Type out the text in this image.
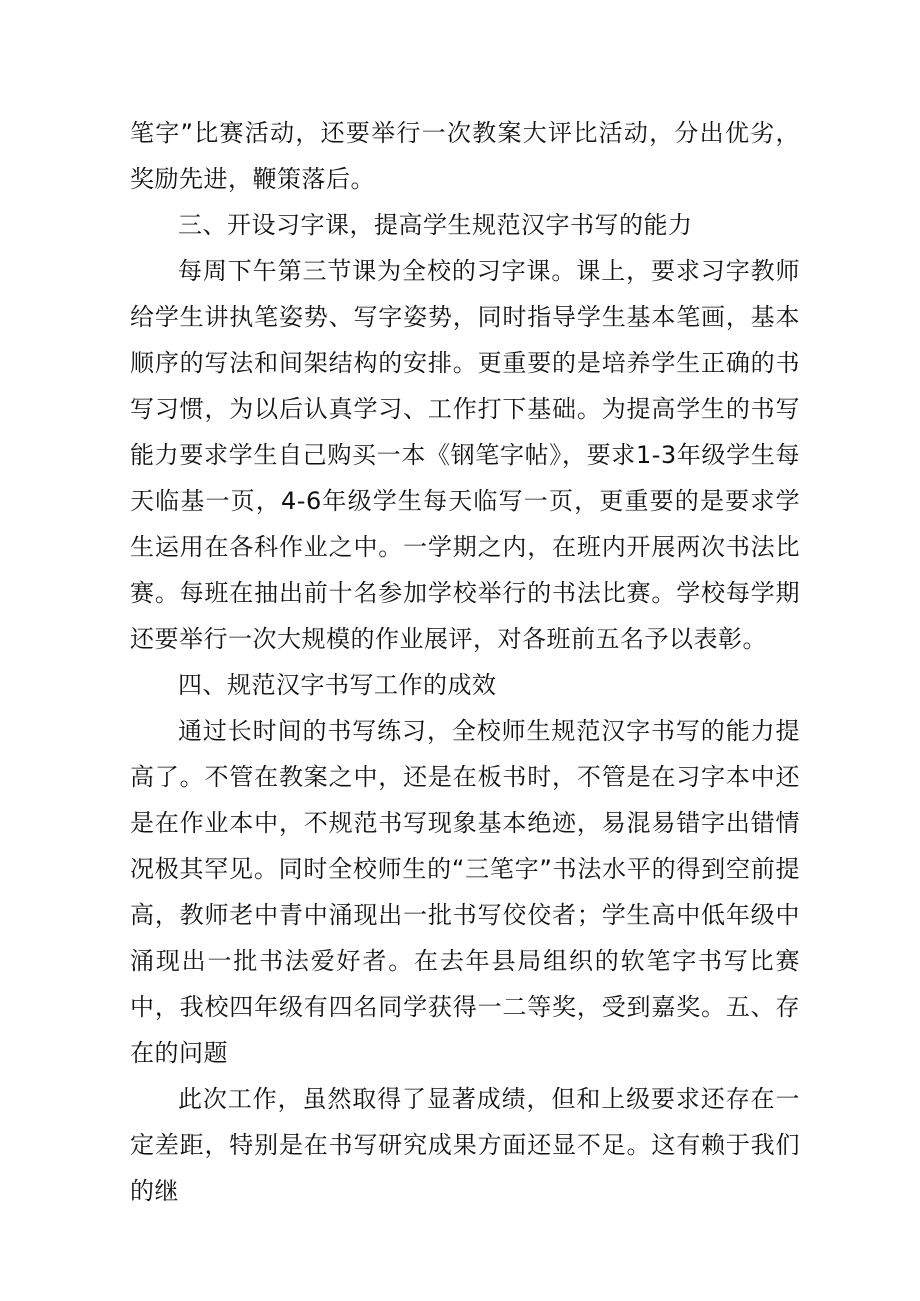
笔字”比赛活动，还要举行一次教案大评比活动，分出优劣，奖励先进，鞭策落后。

三、开设习字课，提高学生规范汉字书写的能力

每周下午第三节课为全校的习字课。课上，要求习字教师给学生讲执笔姿势、写字姿势，同时指导学生基本笔画，基本顺序的写法和间架结构的安排。更重要的是培养学生正确的书写习惯，为以后认真学习、工作打下基础。为提高学生的书写能力要求学生自己购买一本《钢笔字帖》，要求1-3年级学生每天临基一页，4-6年级学生每天临写一页，更重要的是要求学生运用在各科作业之中。一学期之内，在班内开展两次书法比赛。每班在抽出前十名参加学校举行的书法比赛。学校每学期还要举行一次大规模的作业展评，对各班前五名予以表彰。

四、规范汉字书写工作的成效

通过长时间的书写练习，全校师生规范汉字书写的能力提高了。不管在教案之中，还是在板书时，不管是在习字本中还是在作业本中，不规范书写现象基本绝迹，易混易错字出错情况极其罕见。同时全校师生的“三笔字”书法水平的得到空前提高，教师老中青中涌现出一批书写佼佼者；学生高中低年级中涌现出一批书法爱好者。在去年县局组织的软笔字书写比赛中，我校四年级有四名同学获得一二等奖，受到嘉奖。五、存在的问题

此次工作，虽然取得了显著成绩，但和上级要求还存在一定差距，特别是在书写研究成果方面还显不足。这有赖于我们的继
